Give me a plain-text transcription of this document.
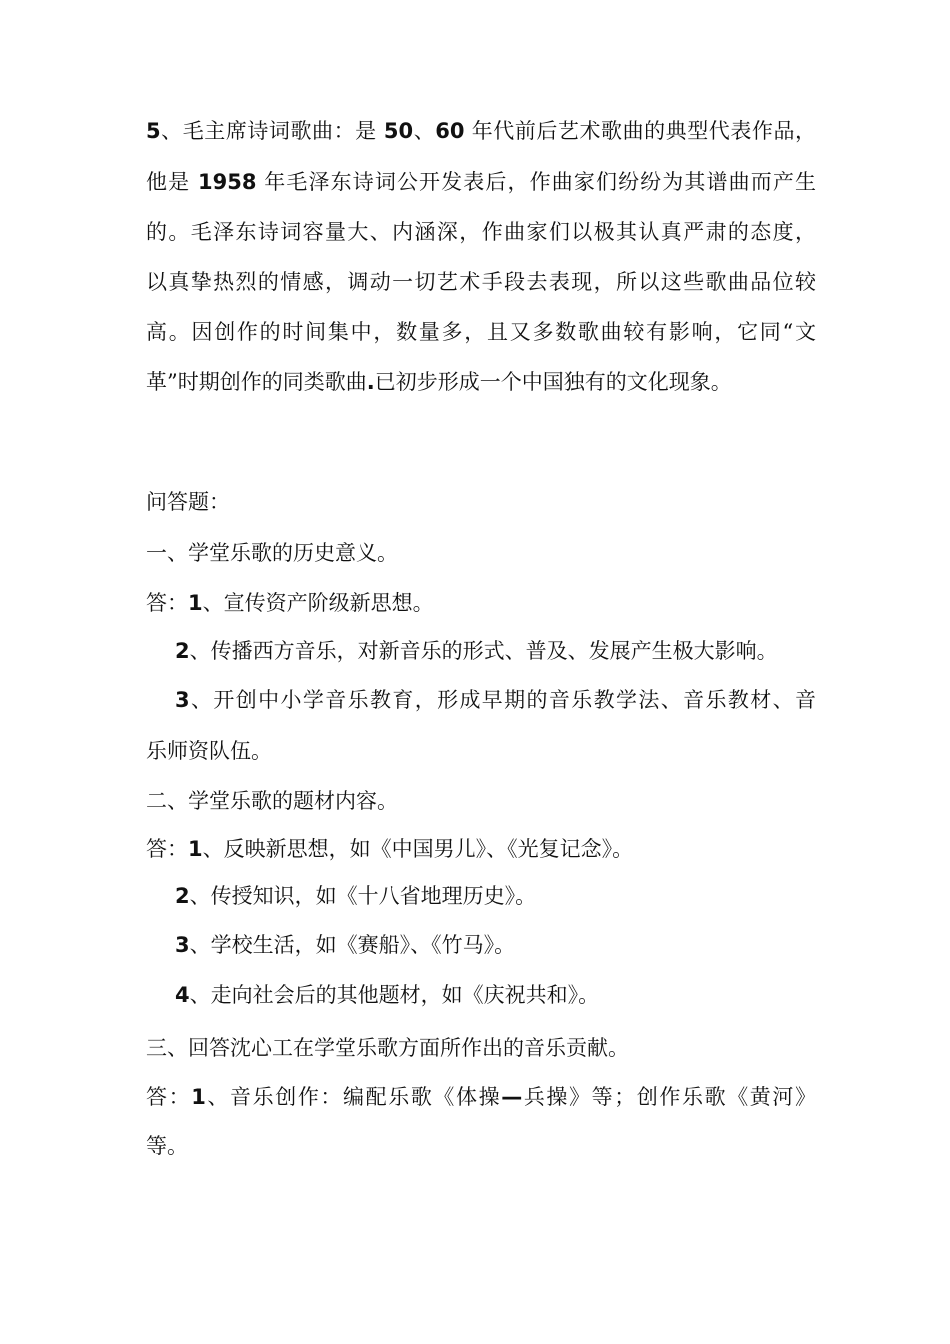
5、毛主席诗词歌曲：是 50、60 年代前后艺术歌曲的典型代表作品，
他是 1958 年毛泽东诗词公开发表后，作曲家们纷纷为其谱曲而产生
的。毛泽东诗词容量大、内涵深，作曲家们以极其认真严肃的态度，
以真挚热烈的情感，调动一切艺术手段去表现，所以这些歌曲品位较
高。因创作的时间集中，数量多，且又多数歌曲较有影响，它同“文
革”时期创作的同类歌曲.已初步形成一个中国独有的文化现象。
问答题：
一、学堂乐歌的历史意义。
答：1、宣传资产阶级新思想。
2、传播西方音乐，对新音乐的形式、普及、发展产生极大影响。
3、开创中小学音乐教育，形成早期的音乐教学法、音乐教材、音
乐师资队伍。
二、学堂乐歌的题材内容。
答：1、反映新思想，如《中国男儿》、《光复记念》。
2、传授知识，如《十八省地理历史》。
3、学校生活，如《赛船》、《竹马》。
4、走向社会后的其他题材，如《庆祝共和》。
三、回答沈心工在学堂乐歌方面所作出的音乐贡献。
答：1、音乐创作：编配乐歌《体操—兵操》等；创作乐歌《黄河》
等。
